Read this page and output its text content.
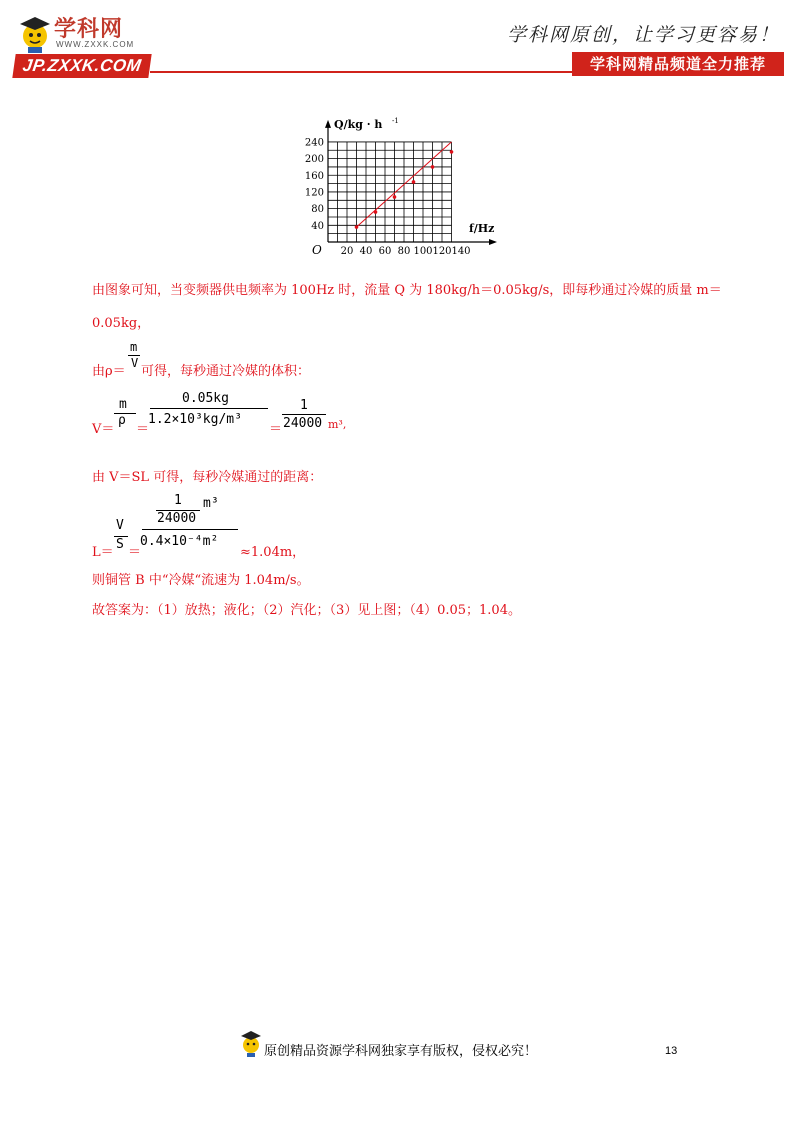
学科网
WWW.ZXXK.COM
JP.ZXXK.COM
学科网原创，让学习更容易！
学科网精品频道全力推荐
20 40 60 80 100 120 140
40
80
120
160
200
240
O
f/Hz
Q/kg · h -1
由图象可知，当变频器供电频率为 100Hz 时，流量 Q 为 180kg/h＝0.05kg/s，即每秒通过冷媒的质量 m＝
0.05kg，
由ρ＝
m
V
可得，每秒通过冷媒的体积：
V＝
m
ρ
＝
0.05kg
1.2×10³kg/m³
＝
1
24000 m³,
由 V＝SL 可得，每秒冷媒通过的距离：
L＝
V
S
＝
1
24000
m³
0.4×10⁻⁴m²
≈1.04m，
则铜管 B 中“冷媒“流速为 1.04m/s。
故答案为：（1）放热；液化；（2）汽化；（3）见上图；（4）0.05；1.04。
原创精品资源学科网独家享有版权，侵权必究！	13
